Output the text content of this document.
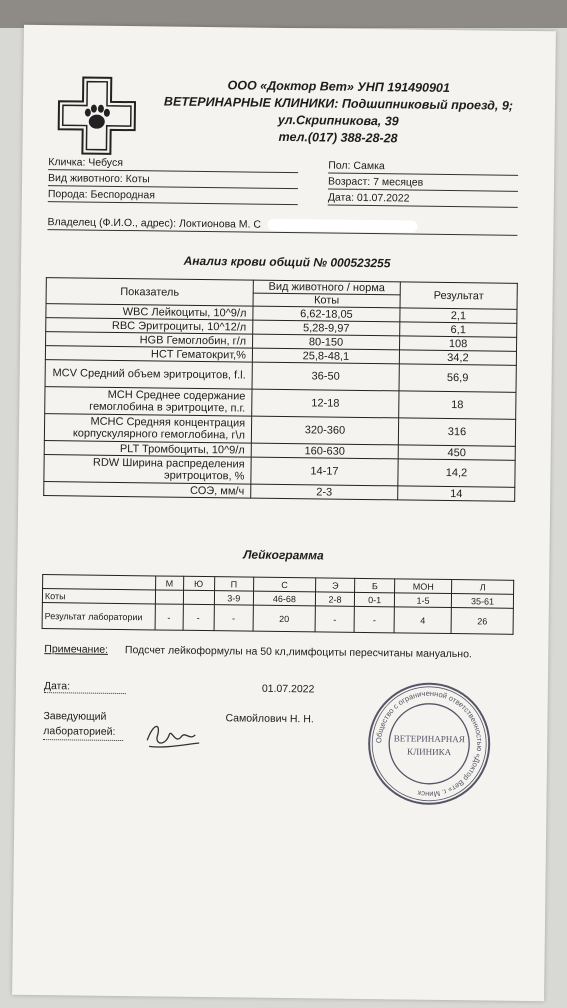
ООО «Доктор Вет» УНП 191490901
ВЕТЕРИНАРНЫЕ КЛИНИКИ: Подшипниковый проезд, 9;
ул.Скрипникова, 39
тел.(017) 388-28-28
Кличка: Чебуся
Вид животного: Коты
Порода: Беспородная
Пол: Самка
Возраст: 7 месяцев
Дата: 01.07.2022
Владелец (Ф.И.О., адрес): Локтионова М. С
Анализ крови общий № 000523255
Показатель	Вид животного / норма	Результат
	Коты	
WBC Лейкоциты, 10^9/л	6,62-18,05	2,1
RBC Эритроциты, 10^12/л	5,28-9,97	6,1
HGB Гемоглобин, г/л	80-150	108
HCT Гематокрит,%	25,8-48,1	34,2
MCV Средний объем эритроцитов, f.l.	36-50	56,9
MCH Среднее содержание гемоглобина в эритроците, п.г.	12-18	18
MCHC Средняя концентрация корпускулярного гемоглобина, г\л	320-360	316
PLT Тромбоциты, 10^9/л	160-630	450
RDW Ширина распределения эритроцитов, %	14-17	14,2
СОЭ, мм/ч	2-3	14
Лейкограмма
	М	Ю	П	С	Э	Б	МОН	Л
Коты			3-9	46-68	2-8	0-1	1-5	35-61
Результат лаборатории	-	-	-	20	-	-	4	26
Примечание: Подсчет лейкоформулы на 50 кл,лимфоциты пересчитаны мануально.
Дата:	01.07.2022
Заведующий лабораторией:
Самойлович Н. Н.
Общество с ограниченной ответственностью «Доктор Вет» г. Минск
ВЕТЕРИНАРНАЯ
КЛИНИКА
